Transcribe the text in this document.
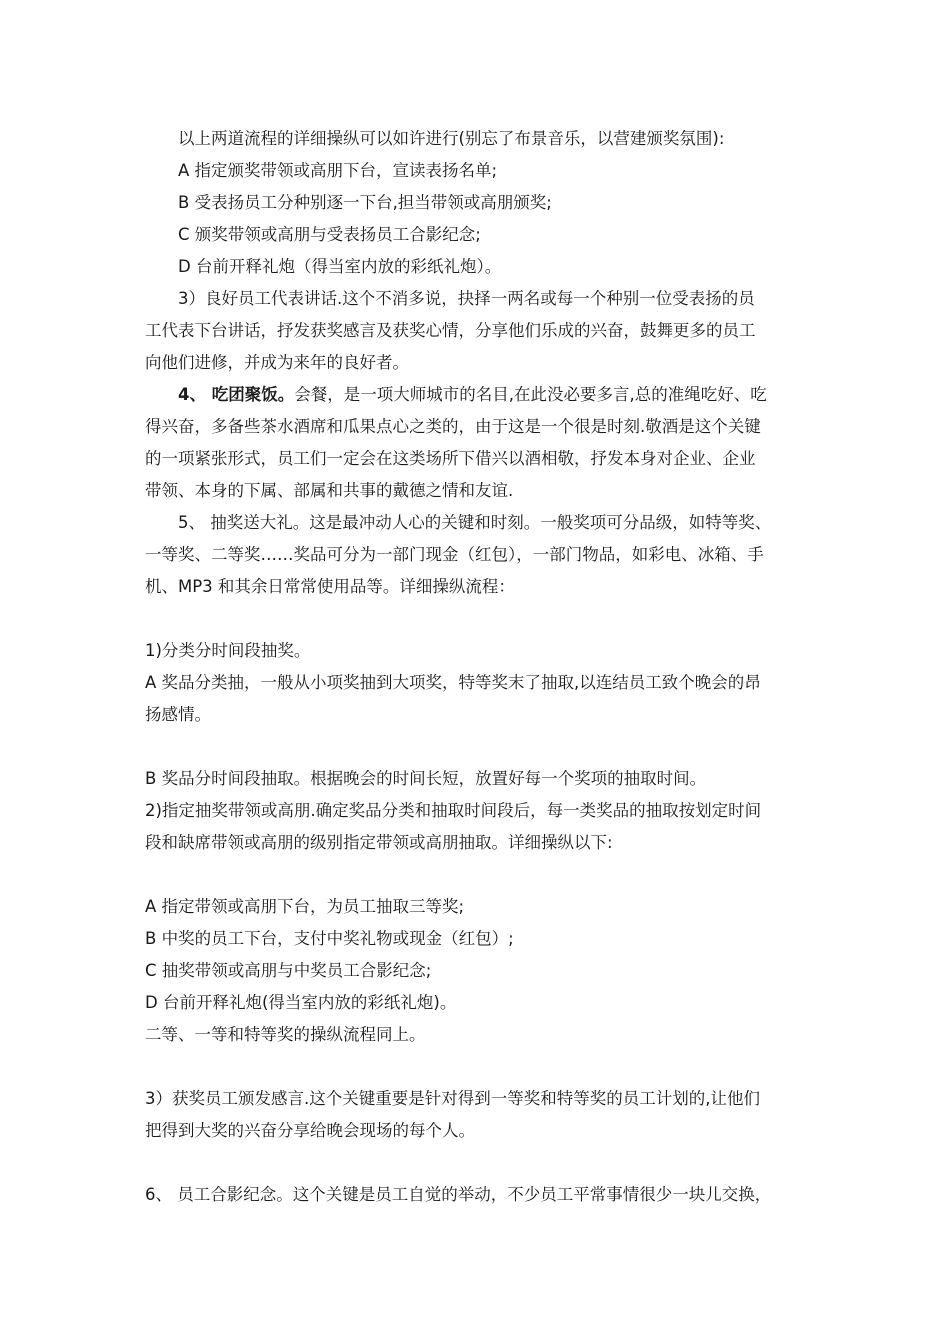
以上两道流程的详细操纵可以如许进行(别忘了布景音乐，以营建颁奖氛围):
A 指定颁奖带领或高朋下台，宣读表扬名单;
B 受表扬员工分种别逐一下台,担当带领或高朋颁奖;
C 颁奖带领或高朋与受表扬员工合影纪念;
D 台前开释礼炮（得当室内放的彩纸礼炮）。
3）良好员工代表讲话.这个不消多说，抉择一两名或每一个种别一位受表扬的员
工代表下台讲话，抒发获奖感言及获奖心情，分享他们乐成的兴奋，鼓舞更多的员工
向他们进修，并成为来年的良好者。
4、 吃团聚饭。会餐，是一项大师城市的名目,在此没必要多言,总的准绳吃好、吃
得兴奋，多备些茶水酒席和瓜果点心之类的，由于这是一个很是时刻.敬酒是这个关键
的一项紧张形式，员工们一定会在这类场所下借兴以酒相敬，抒发本身对企业、企业
带领、本身的下属、部属和共事的戴德之情和友谊.
5、 抽奖送大礼。这是最冲动人心的关键和时刻。一般奖项可分品级，如特等奖、
一等奖、二等奖……奖品可分为一部门现金（红包），一部门物品，如彩电、冰箱、手
机、MP3 和其余日常常使用品等。详细操纵流程：
1)分类分时间段抽奖。
A 奖品分类抽，一般从小项奖抽到大项奖，特等奖末了抽取,以连结员工致个晚会的昂
扬感情。
B 奖品分时间段抽取。根据晚会的时间长短，放置好每一个奖项的抽取时间。
2)指定抽奖带领或高朋.确定奖品分类和抽取时间段后，每一类奖品的抽取按划定时间
段和缺席带领或高朋的级别指定带领或高朋抽取。详细操纵以下:
A 指定带领或高朋下台，为员工抽取三等奖;
B 中奖的员工下台，支付中奖礼物或现金（红包）;
C 抽奖带领或高朋与中奖员工合影纪念;
D 台前开释礼炮(得当室内放的彩纸礼炮)。
二等、一等和特等奖的操纵流程同上。
3）获奖员工颁发感言.这个关键重要是针对得到一等奖和特等奖的员工计划的,让他们
把得到大奖的兴奋分享给晚会现场的每个人。
6、 员工合影纪念。这个关键是员工自觉的举动，不少员工平常事情很少一块儿交换，
